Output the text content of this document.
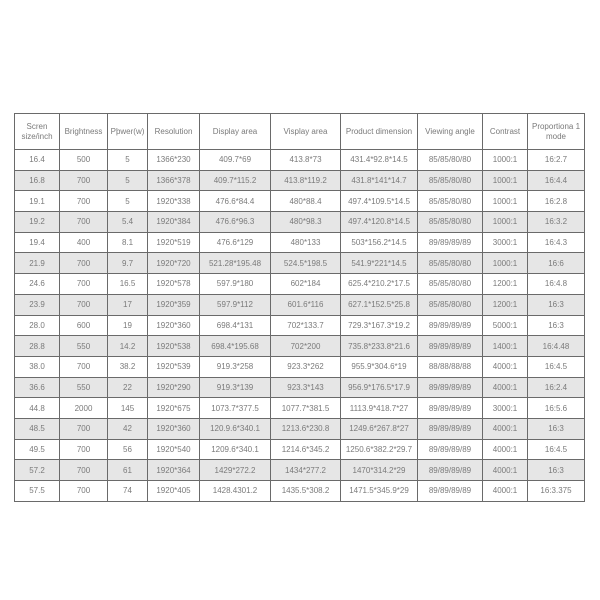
Scren size/inch	Brightness	Pþwer(w)	Resolution	Display area	Visplay area	Product dimension	Viewing angle	Contrast	Proportiona 1 mode
16.4	500	5	1366*230	409.7*69	413.8*73	431.4*92.8*14.5	85/85/80/80	1000:1	16:2.7
16.8	700	5	1366*378	409.7*115.2	413.8*119.2	431.8*141*14.7	85/85/80/80	1000:1	16:4.4
19.1	700	5	1920*338	476.6*84.4	480*88.4	497.4*109.5*14.5	85/85/80/80	1000:1	16:2.8
19.2	700	5.4	1920*384	476.6*96.3	480*98.3	497.4*120.8*14.5	85/85/80/80	1000:1	16:3.2
19.4	400	8.1	1920*519	476.6*129	480*133	503*156.2*14.5	89/89/89/89	3000:1	16:4.3
21.9	700	9.7	1920*720	521.28*195.48	524.5*198.5	541.9*221*14.5	85/85/80/80	1000:1	16:6
24.6	700	16.5	1920*578	597.9*180	602*184	625.4*210.2*17.5	85/85/80/80	1200:1	16:4.8
23.9	700	17	1920*359	597.9*112	601.6*116	627.1*152.5*25.8	85/85/80/80	1200:1	16:3
28.0	600	19	1920*360	698.4*131	702*133.7	729.3*167.3*19.2	89/89/89/89	5000:1	16:3
28.8	550	14.2	1920*538	698.4*195.68	702*200	735.8*233.8*21.6	89/89/89/89	1400:1	16:4.48
38.0	700	38.2	1920*539	919.3*258	923.3*262	955.9*304.6*19	88/88/88/88	4000:1	16:4.5
36.6	550	22	1920*290	919.3*139	923.3*143	956.9*176.5*17.9	89/89/89/89	4000:1	16:2.4
44.8	2000	145	1920*675	1073.7*377.5	1077.7*381.5	1113.9*418.7*27	89/89/89/89	3000:1	16:5.6
48.5	700	42	1920*360	120.9.6*340.1	1213.6*230.8	1249.6*267.8*27	89/89/89/89	4000:1	16:3
49.5	700	56	1920*540	1209.6*340.1	1214.6*345.2	1250.6*382.2*29.7	89/89/89/89	4000:1	16:4.5
57.2	700	61	1920*364	1429*272.2	1434*277.2	1470*314.2*29	89/89/89/89	4000:1	16:3
57.5	700	74	1920*405	1428.4301.2	1435.5*308.2	1471.5*345.9*29	89/89/89/89	4000:1	16:3.375
